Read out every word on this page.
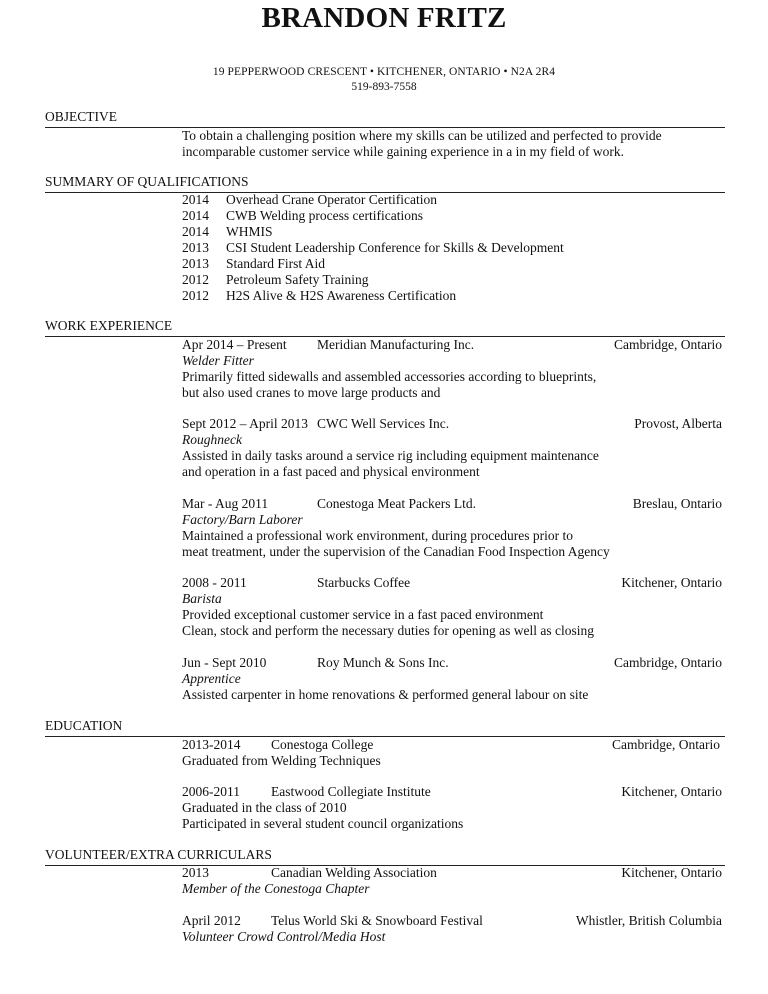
BRANDON FRITZ
19 PEPPERWOOD CRESCENT • KITCHENER, ONTARIO • N2A 2R4
519-893-7558
OBJECTIVE
To obtain a challenging position where my skills can be utilized and perfected to provide
incomparable customer service while gaining experience in a in my field of work.
SUMMARY OF QUALIFICATIONS
2014 Overhead Crane Operator Certification
2014 CWB Welding process certifications
2014 WHMIS
2013 CSI Student Leadership Conference for Skills & Development
2013 Standard First Aid
2012 Petroleum Safety Training
2012 H2S Alive & H2S Awareness Certification
WORK EXPERIENCE
Apr 2014 – Present Meridian Manufacturing Inc.	Cambridge, Ontario
Welder Fitter
Primarily fitted sidewalls and assembled accessories according to blueprints,
but also used cranes to move large products and
Sept 2012 – April 2013 CWC Well Services Inc.	Provost, Alberta
Roughneck
Assisted in daily tasks around a service rig including equipment maintenance
and operation in a fast paced and physical environment
Mar - Aug 2011	Conestoga Meat Packers Ltd.	Breslau, Ontario
Factory/Barn Laborer
Maintained a professional work environment, during procedures prior to
meat treatment, under the supervision of the Canadian Food Inspection Agency
2008 - 2011	Starbucks Coffee	Kitchener, Ontario
Barista
Provided exceptional customer service in a fast paced environment
Clean, stock and perform the necessary duties for opening as well as closing
Jun - Sept 2010	Roy Munch & Sons Inc.	Cambridge, Ontario
Apprentice
Assisted carpenter in home renovations & performed general labour on site
EDUCATION
2013-2014 Conestoga College	Cambridge, Ontario
Graduated from Welding Techniques
2006-2011 Eastwood Collegiate Institute	Kitchener, Ontario
Graduated in the class of 2010
Participated in several student council organizations
VOLUNTEER/EXTRA CURRICULARS
2013	Canadian Welding Association	Kitchener, Ontario
Member of the Conestoga Chapter
April 2012 Telus World Ski & Snowboard Festival	Whistler, British Columbia
Volunteer Crowd Control/Media Host
